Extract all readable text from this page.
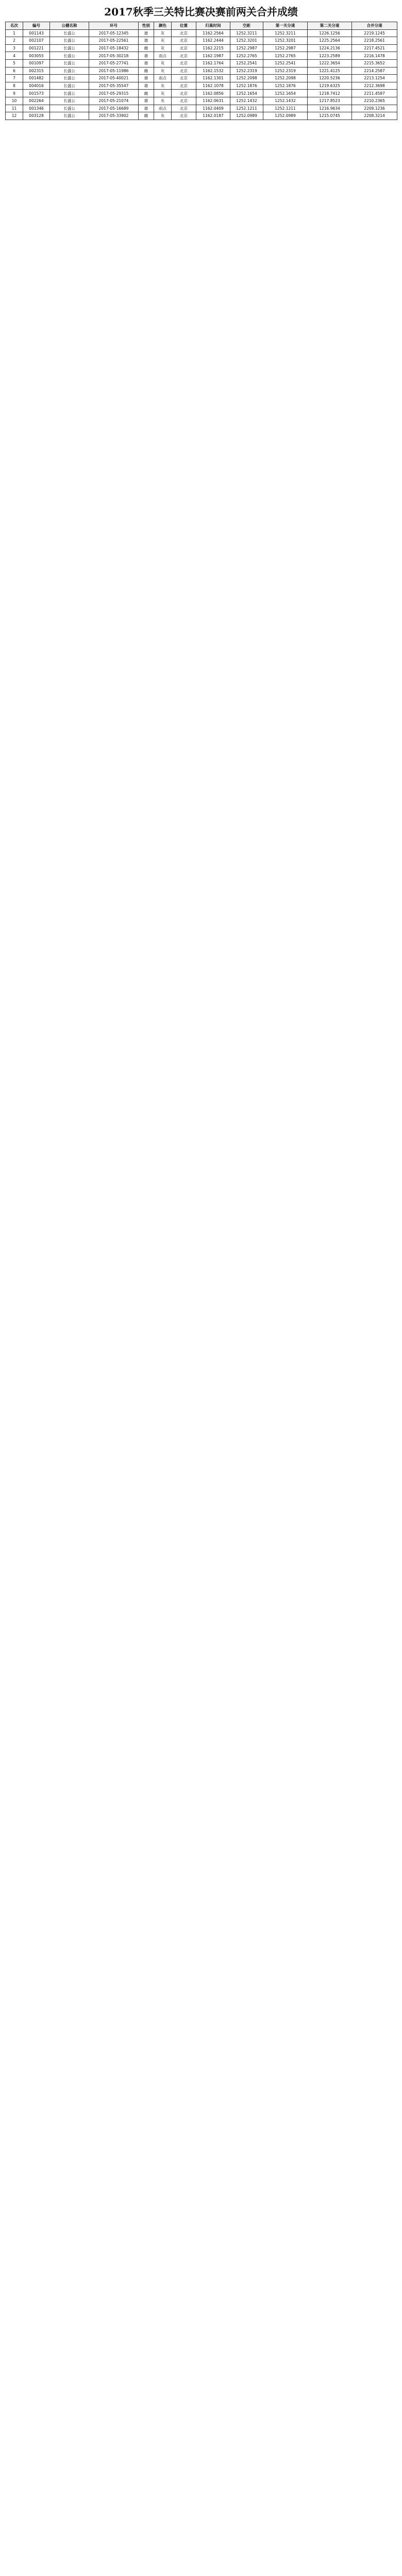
2017秋季三关特比赛决赛前两关合并成绩
名次	编号	公棚名称	环号	性别	颜色	位置	归巢时间	空距	第一关分速	第二关分速	合并分速
1	001143	长盛公	2017-05-12345	雄	灰	北京	1162.2564	1252.3211	1252.3211	1226.1256	2219.1245
2	002107	长盛公	2017-05-22561	雄	灰	北京	1162.2444	1252.3201	1252.3201	1225.2564	2218.2561
3	001221	长盛公	2017-05-18432	雌	灰	北京	1162.2215	1252.2987	1252.2987	1224.2136	2217.4521
4	003055	长盛公	2017-05-30218	雄	雨点	北京	1162.1987	1252.2765	1252.2765	1223.2589	2216.1478
5	001097	长盛公	2017-05-27741	雄	灰	北京	1162.1764	1252.2541	1252.2541	1222.3654	2215.3652
6	002315	长盛公	2017-05-11986	雌	灰	北京	1162.1532	1252.2319	1252.2319	1221.4125	2214.2587
7	001482	长盛公	2017-05-40021	雄	雨点	北京	1162.1301	1252.2098	1252.2098	1220.5236	2213.1254
8	004016	长盛公	2017-05-35547	雄	灰	北京	1162.1078	1252.1876	1252.1876	1219.6325	2212.3698
9	001573	长盛公	2017-05-29315	雌	灰	北京	1162.0856	1252.1654	1252.1654	1218.7412	2211.4587
10	002264	长盛公	2017-05-21074	雄	灰	北京	1162.0631	1252.1432	1252.1432	1217.8523	2210.2365
11	001346	长盛公	2017-05-16689	雄	雨点	北京	1162.0409	1252.1211	1252.1211	1216.9634	2209.1236
12	003128	长盛公	2017-05-33902	雌	灰	北京	1162.0187	1252.0989	1252.0989	1215.0745	2208.3214
